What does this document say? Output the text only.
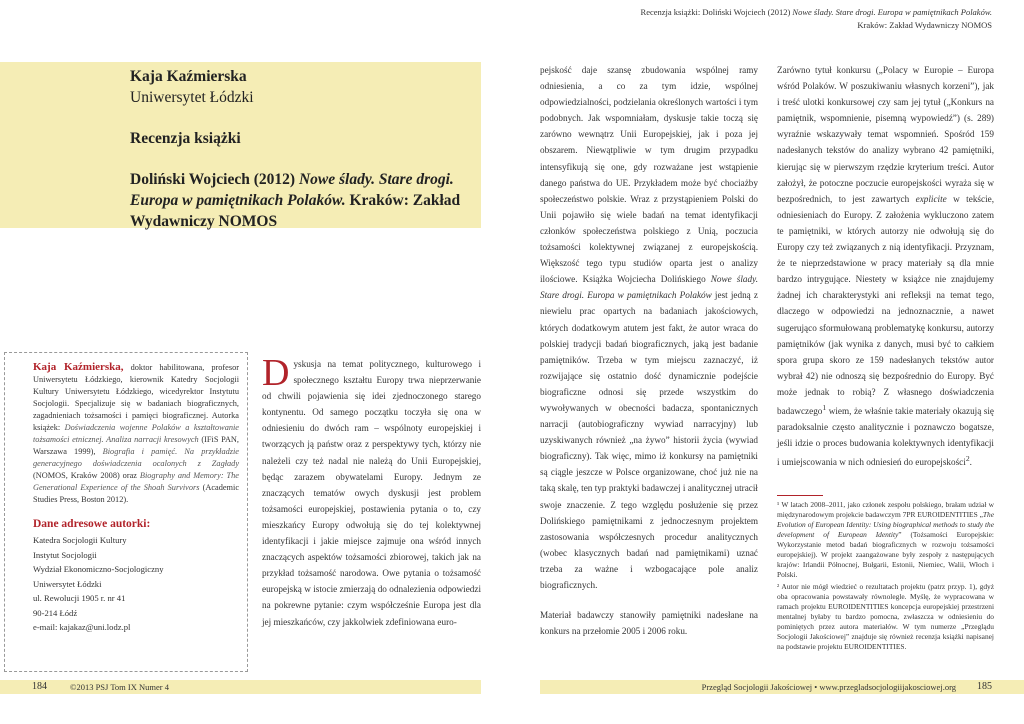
Recenzja książki: Doliński Wojciech (2012) Nowe ślady. Stare drogi. Europa w pamiętnikach Polaków.
Kraków: Zakład Wydawniczy NOMOS
Kaja Kaźmierska
Uniwersytet Łódzki
Recenzja książki
Doliński Wojciech (2012) Nowe ślady. Stare drogi. Europa w pamiętnikach Polaków. Kraków: Zakład Wydawniczy NOMOS

Kaja Kaźmierska, doktor habilitowana, profesor Uniwersytetu Łódzkiego, kierownik Katedry Socjologii Kultury Uniwersytetu Łódzkiego, wicedyrektor Instytutu Socjologii. Specjalizuje się w badaniach biograficznych, zagadnieniach tożsamości i pamięci biograficznej. Autorka książek: Doświadczenia wojenne Polaków a kształtowanie tożsamości etnicznej. Analiza narracji kresowych (IFiS PAN, Warszawa 1999), Biografia i pamięć. Na przykładzie generacyjnego doświadczenia ocalonych z Zagłady (NOMOS, Kraków 2008) oraz Biography and Memory: The Generational Experience of the Shoah Survivors (Academic Studies Press, Boston 2012).

Dane adresowe autorki:
Katedra Socjologii Kultury
Instytut Socjologii
Wydział Ekonomiczno-Socjologiczny
Uniwersytet Łódzki
ul. Rewolucji 1905 r. nr 41
90-214 Łódź
e-mail: kajakaz@uni.lodz.pl
Dyskusja na temat politycznego, kulturowego i społecznego kształtu Europy trwa nieprzerwanie od chwili pojawienia się idei zjednoczonego starego kontynentu. Od samego początku toczyła się ona w odniesieniu do dwóch ram – wspólnoty europejskiej i tworzących ją państw oraz z perspektywy tych, którzy nie należeli czy też nadal nie należą do Unii Europejskiej, będąc zarazem obywatelami Europy. Jednym ze znaczących tematów owych dyskusji jest problem tożsamości europejskiej, postawienia pytania o to, czy mieszkańcy Europy odwołują się do tej kolektywnej identyfikacji i jakie miejsce zajmuje ona wśród innych znaczących aspektów tożsamości zbiorowej, takich jak na przykład tożsamość narodowa. Owe pytania o tożsamość europejską w istocie zmierzają do odnalezienia odpowiedzi na pokrewne pytanie: czym współcześnie Europa jest dla jej mieszkańców, czy jakkolwiek zdefiniowana euro-

pejskość daje szansę zbudowania wspólnej ramy odniesienia, a co za tym idzie, wspólnej odpowiedzialności, podzielania określonych wartości i tym podobnych. Jak wspomniałam, dyskusje takie toczą się zarówno wewnątrz Unii Europejskiej, jak i poza jej obszarem. Niewątpliwie w tym drugim przypadku intensyfikują się one, gdy rozważane jest wstąpienie danego państwa do UE. Przykładem może być chociażby społeczeństwo polskie. Wraz z przystąpieniem Polski do Unii pojawiło się wiele badań na temat identyfikacji członków społeczeństwa polskiego z Unią, poczucia tożsamości kolektywnej związanej z europejskością. Większość tego typu studiów oparta jest o analizy ilościowe. Książka Wojciecha Dolińskiego Nowe ślady. Stare drogi. Europa w pamiętnikach Polaków jest jedną z niewielu prac opartych na badaniach jakościowych, których dodatkowym atutem jest fakt, że autor wraca do polskiej tradycji badań biograficznych, jaką jest badanie pamiętników. Trzeba w tym miejscu zaznaczyć, iż rozwijające się ostatnio dość dynamicznie podejście biograficzne odnosi się przede wszystkim do wywoływanych w obecności badacza, spontanicznych narracji (autobiograficzny wywiad narracyjny) lub uzyskiwanych również „na żywo” historii życia (wywiad biograficzny). Tak więc, mimo iż konkursy na pamiętniki są ciągle jeszcze w Polsce organizowane, choć już nie na taką skalę, ten typ praktyki badawczej i analitycznej utracił swoje znaczenie. Z tego względu posłużenie się przez Dolińskiego pamiętnikami z jednoczesnym projektem zastosowania współczesnych procedur analitycznych (wobec klasycznych badań nad pamiętnikami) uznać trzeba za ważne i wzbogacające pole analiz biograficznych.

Materiał badawczy stanowiły pamiętniki nadesłane na konkurs na przełomie 2005 i 2006 roku.

Zarówno tytuł konkursu („Polacy w Europie – Europa wśród Polaków. W poszukiwaniu własnych korzeni”), jak i treść ulotki konkursowej czy sam jej tytuł („Konkurs na pamiętnik, wspomnienie, pisemną wypowiedź”) (s. 289) wyraźnie wskazywały temat wspomnień. Spośród 159 nadesłanych tekstów do analizy wybrano 42 pamiętniki, kierując się w pierwszym rzędzie kryterium treści. Autor założył, że potoczne poczucie europejskości wyraża się w bezpośrednich, to jest zawartych explicite w tekście, odniesieniach do Europy. Z założenia wykluczono zatem te pamiętniki, w których autorzy nie odwołują się do Europy czy też związanych z nią identyfikacji. Przyznam, że te nieprzedstawione w pracy materiały są dla mnie bardzo intrygujące. Niestety w książce nie znajdujemy żadnej ich charakterystyki ani refleksji na temat tego, dlaczego w odpowiedzi na jednoznacznie, a nawet sugerująco sformułowaną problematykę konkursu, autorzy pamiętników (jak wynika z danych, musi być to całkiem spora grupa skoro ze 159 nadesłanych tekstów autor wybrał 42) nie odnoszą się bezpośrednio do Europy. Być może jednak to robią? Z własnego doświadczenia badawczego$^1$ wiem, że właśnie takie materiały okazują się paradoksalnie często analitycznie i poznawczo bogatsze, jeśli idzie o proces budowania kolektywnych identyfikacji i umiejscowania w nich odniesień do europejskości$^2$.

¹ W latach 2008–2011, jako członek zespołu polskiego, brałam udział w międzynarodowym projekcie badawczym 7PR EUROIDENTITIES „The Evolution of European Identity: Using biographical methods to study the development of European Identity” (Tożsamości Europejskie: Wykorzystanie metod badań biograficznych w rozwoju tożsamości europejskiej). W projekt zaangażowane były zespoły z następujących krajów: Irlandii Północnej, Bułgarii, Estonii, Niemiec, Walii, Włoch i Polski.

² Autor nie mógł wiedzieć o rezultatach projektu (patrz przyp. 1), gdyż oba opracowania powstawały równolegle. Myślę, że wypracowana w ramach projektu EUROIDENTITIES koncepcja europejskiej przestrzeni mentalnej byłaby tu bardzo pomocna, zwłaszcza w odniesieniu do pominiętych przez autora materiałów. W tym numerze „Przeglądu Socjologii Jakościowej” znajduje się również recenzja książki napisanej na podstawie projektu EUROIDENTITIES.

184	©2013 PSJ Tom IX Numer 4	Przegląd Socjologii Jakościowej • www.przegladsocjologiijakosciowej.org 185
